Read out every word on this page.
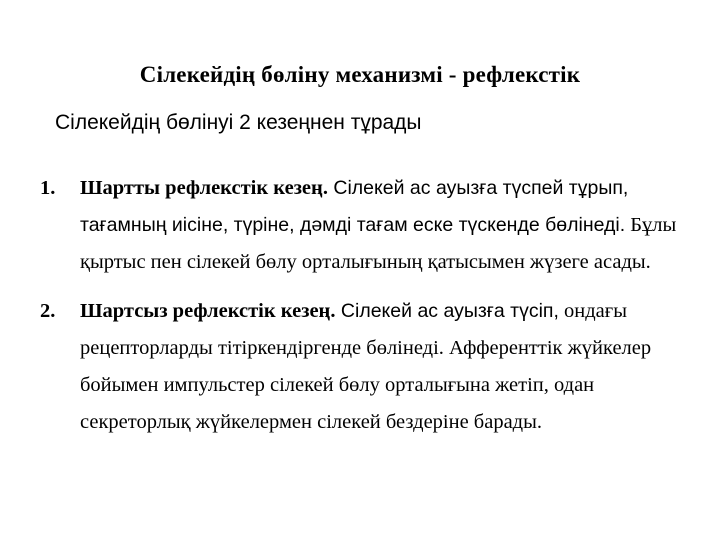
Сілекейдің бөліну механизмі - рефлекстік
Сілекейдің бөлінуі 2 кезеңнен тұрады
1. Шартты рефлекстік кезең. Сілекей ас ауызға түспей тұрып, тағамның иісіне, түріне, дәмді тағам еске түскенде бөлінеді. Бұлы қыртыс пен сілекей бөлу орталығының қатысымен жүзеге асады.
2. Шартсыз рефлекстік кезең. Сілекей ас ауызға түсіп, ондағы рецепторларды тітіркендіргенде бөлінеді. Афференттік жүйкелер бойымен импульстер сілекей бөлу орталығына жетіп, одан секреторлық жүйкелермен сілекей бездеріне барады.
